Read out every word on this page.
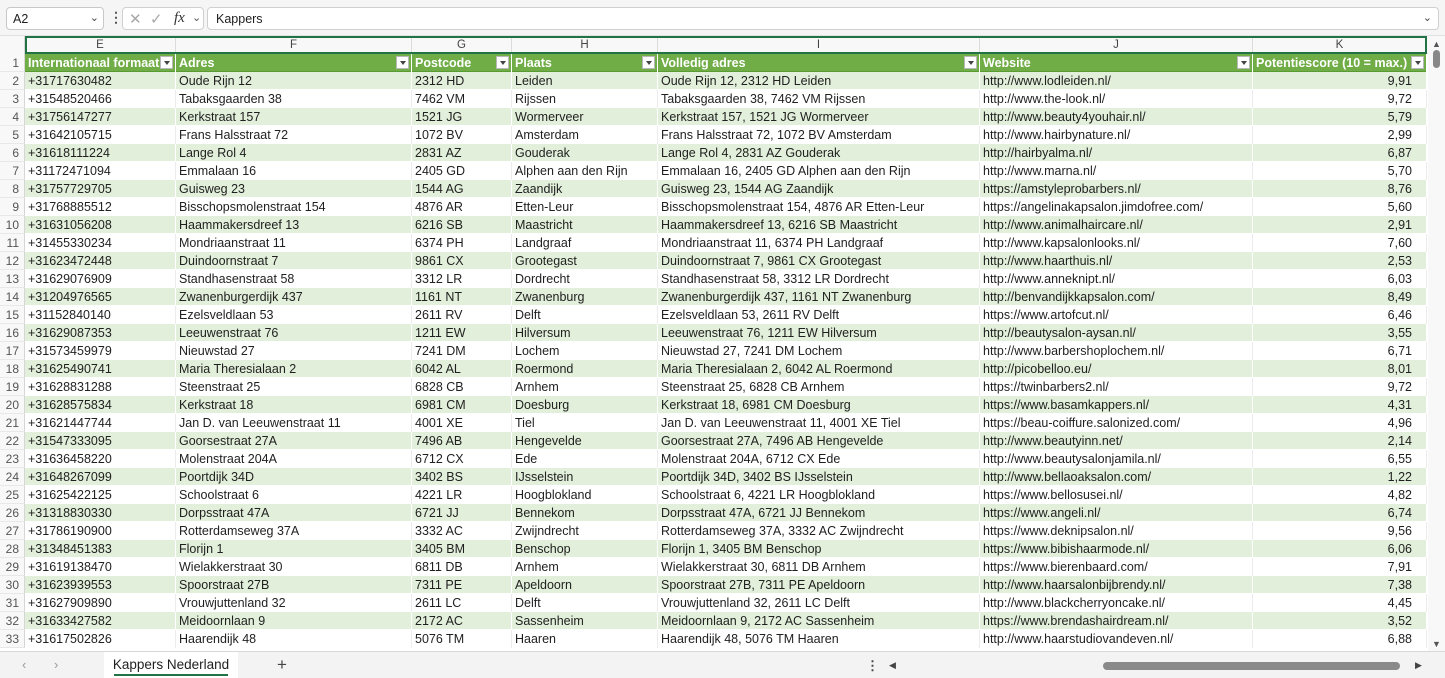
A2	⌄ ⋮ ✕ ✓ fx ⌄ Kappers	⌄
E	F	G	H	I	J	K
1 Internationaal formaat	Adres	Postcode	Plaats	Volledig adres	Website	Potentiescore (10 = max.)
2 +31717630482	Oude Rijn 12	2312 HD	Leiden	Oude Rijn 12, 2312 HD Leiden	http://www.lodleiden.nl/	9,91
3 +31548520466	Tabaksgaarden 38	7462 VM	Rijssen	Tabaksgaarden 38, 7462 VM Rijssen	http://www.the-look.nl/	9,72
4 +31756147277	Kerkstraat 157	1521 JG	Wormerveer	Kerkstraat 157, 1521 JG Wormerveer	http://www.beauty4youhair.nl/	5,79
5 +31642105715	Frans Halsstraat 72	1072 BV	Amsterdam	Frans Halsstraat 72, 1072 BV Amsterdam	http://www.hairbynature.nl/	2,99
6 +31618111224	Lange Rol 4	2831 AZ	Gouderak	Lange Rol 4, 2831 AZ Gouderak	http://hairbyalma.nl/	6,87
7 +31172471094	Emmalaan 16	2405 GD	Alphen aan den Rijn	Emmalaan 16, 2405 GD Alphen aan den Rijn	http://www.marna.nl/	5,70
8 +31757729705	Guisweg 23	1544 AG	Zaandijk	Guisweg 23, 1544 AG Zaandijk	https://amstyleprobarbers.nl/	8,76
9 +31768885512	Bisschopsmolenstraat 154	4876 AR	Etten-Leur	Bisschopsmolenstraat 154, 4876 AR Etten-Leur	https://angelinakapsalon.jimdofree.com/	5,60
10 +31631056208	Haammakersdreef 13	6216 SB	Maastricht	Haammakersdreef 13, 6216 SB Maastricht	http://www.animalhaircare.nl/	2,91
11 +31455330234	Mondriaanstraat 11	6374 PH	Landgraaf	Mondriaanstraat 11, 6374 PH Landgraaf	http://www.kapsalonlooks.nl/	7,60
12 +31623472448	Duindoornstraat 7	9861 CX	Grootegast	Duindoornstraat 7, 9861 CX Grootegast	http://www.haarthuis.nl/	2,53
13 +31629076909	Standhasenstraat 58	3312 LR	Dordrecht	Standhasenstraat 58, 3312 LR Dordrecht	http://www.anneknipt.nl/	6,03
14 +31204976565	Zwanenburgerdijk 437	1161 NT	Zwanenburg	Zwanenburgerdijk 437, 1161 NT Zwanenburg	http://benvandijkkapsalon.com/	8,49
15 +31152840140	Ezelsveldlaan 53	2611 RV	Delft	Ezelsveldlaan 53, 2611 RV Delft	https://www.artofcut.nl/	6,46
16 +31629087353	Leeuwenstraat 76	1211 EW	Hilversum	Leeuwenstraat 76, 1211 EW Hilversum	http://beautysalon-aysan.nl/	3,55
17 +31573459979	Nieuwstad 27	7241 DM	Lochem	Nieuwstad 27, 7241 DM Lochem	http://www.barbershoplochem.nl/	6,71
18 +31625490741	Maria Theresialaan 2	6042 AL	Roermond	Maria Theresialaan 2, 6042 AL Roermond	http://picobelloo.eu/	8,01
19 +31628831288	Steenstraat 25	6828 CB	Arnhem	Steenstraat 25, 6828 CB Arnhem	https://twinbarbers2.nl/	9,72
20 +31628575834	Kerkstraat 18	6981 CM	Doesburg	Kerkstraat 18, 6981 CM Doesburg	https://www.basamkappers.nl/	4,31
21 +31621447744	Jan D. van Leeuwenstraat 11	4001 XE	Tiel	Jan D. van Leeuwenstraat 11, 4001 XE Tiel	https://beau-coiffure.salonized.com/	4,96
22 +31547333095	Goorsestraat 27A	7496 AB	Hengevelde	Goorsestraat 27A, 7496 AB Hengevelde	http://www.beautyinn.net/	2,14
23 +31636458220	Molenstraat 204A	6712 CX	Ede	Molenstraat 204A, 6712 CX Ede	http://www.beautysalonjamila.nl/	6,55
24 +31648267099	Poortdijk 34D	3402 BS	IJsselstein	Poortdijk 34D, 3402 BS IJsselstein	http://www.bellaoaksalon.com/	1,22
25 +31625422125	Schoolstraat 6	4221 LR	Hoogblokland	Schoolstraat 6, 4221 LR Hoogblokland	https://www.bellosusei.nl/	4,82
26 +31318830330	Dorpsstraat 47A	6721 JJ	Bennekom	Dorpsstraat 47A, 6721 JJ Bennekom	https://www.angeli.nl/	6,74
27 +31786190900	Rotterdamseweg 37A	3332 AC	Zwijndrecht	Rotterdamseweg 37A, 3332 AC Zwijndrecht	https://www.deknipsalon.nl/	9,56
28 +31348451383	Florijn 1	3405 BM	Benschop	Florijn 1, 3405 BM Benschop	https://www.bibishaarmode.nl/	6,06
29 +31619138470	Wielakkerstraat 30	6811 DB	Arnhem	Wielakkerstraat 30, 6811 DB Arnhem	https://www.bierenbaard.com/	7,91
30 +31623939553	Spoorstraat 27B	7311 PE	Apeldoorn	Spoorstraat 27B, 7311 PE Apeldoorn	http://www.haarsalonbijbrendy.nl/	7,38
31 +31627909890	Vrouwjuttenland 32	2611 LC	Delft	Vrouwjuttenland 32, 2611 LC Delft	http://www.blackcherryoncake.nl/	4,45
32 +31633427582	Meidoornlaan 9	2172 AC	Sassenheim	Meidoornlaan 9, 2172 AC Sassenheim	https://www.brendashairdream.nl/	3,52
33 +31617502826	Haarendijk 48	5076 TM	Haaren	Haarendijk 48, 5076 TM Haaren	http://www.haarstudiovandeven.nl/	6,88
▲
▼
‹ ›	Kappers Nederland	+	⋮ ◀	▶
